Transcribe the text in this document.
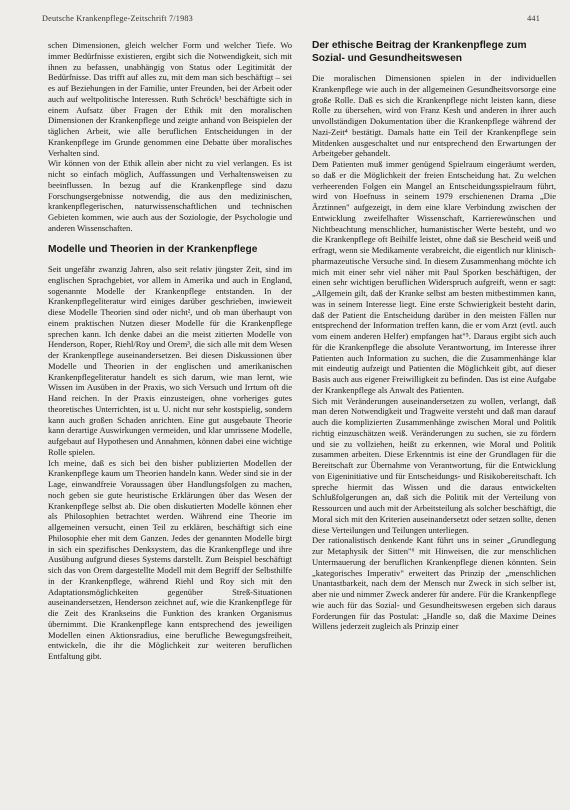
Deutsche Krankenpflege-Zeitschrift 7/1983	441

schen Dimensionen, gleich welcher Form und welcher Tiefe. Wo immer Bedürfnisse existieren, ergibt sich die Notwendigkeit, sich mit ihnen zu befassen, unabhängig von Status oder Legitimität der Bedürfnisse. Das trifft auf alles zu, mit dem man sich beschäftigt – sei es auf Beziehungen in der Familie, unter Freunden, bei der Arbeit oder auch auf weltpolitische Interessen. Ruth Schröck¹ beschäftigte sich in einem Aufsatz über Fragen der Ethik mit den moralischen Dimensionen der Krankenpflege und zeigte anhand von Beispielen der täglichen Arbeit, wie alle beruflichen Entscheidungen in der Krankenpflege im Grunde genommen eine Debatte über moralisches Verhalten sind.

Wir können von der Ethik allein aber nicht zu viel verlangen. Es ist nicht so einfach möglich, Auffassungen und Verhaltensweisen zu beeinflussen. In bezug auf die Krankenpflege sind dazu Forschungsergebnisse notwendig, die aus den medizinischen, krankenpflegerischen, naturwissenschaftlichen und technischen Gebieten kommen, wie auch aus der Soziologie, der Psychologie und anderen Wissenschaften.

Modelle und Theorien in der Krankenpflege

Seit ungefähr zwanzig Jahren, also seit relativ jüngster Zeit, sind im englischen Sprachgebiet, vor allem in Amerika und auch in England, sogenannte Modelle der Krankenpflege entstanden. In der Krankenpflegeliteratur wird einiges darüber geschrieben, inwieweit diese Modelle Theorien sind oder nicht², und ob man überhaupt von einem praktischen Nutzen dieser Modelle für die Krankenpflege sprechen kann. Ich denke dabei an die meist zitierten Modelle von Henderson, Roper, Riehl/Roy und Orem³, die sich alle mit dem Wesen der Krankenpflege auseinandersetzen. Bei diesen Diskussionen über Modelle und Theorien in der englischen und amerikanischen Krankenpflegeliteratur handelt es sich darum, wie man lernt, wie Wissen im Ausüben in der Praxis, wo sich Versuch und Irrtum oft die Hand reichen. In der Praxis einzusteigen, ohne vorheriges gutes theoretisches Unterrichten, ist u. U. nicht nur sehr kostspielig, sondern kann auch großen Schaden anrichten. Eine gut ausgebaute Theorie kann derartige Auswirkungen vermeiden, und klar umrissene Modelle, aufgebaut auf Hypothesen und Annahmen, können dabei eine wichtige Rolle spielen.

Ich meine, daß es sich bei den bisher publizierten Modellen der Krankenpflege kaum um Theorien handeln kann. Weder sind sie in der Lage, einwandfreie Voraussagen über Handlungsfolgen zu machen, noch geben sie gute heuristische Erklärungen über das Wesen der Krankenpflege selbst ab. Die oben diskutierten Modelle können eher als Philosophien betrachtet werden. Während eine Theorie im allgemeinen versucht, einen Teil zu erklären, beschäftigt sich eine Philosophie eher mit dem Ganzen. Jedes der genannten Modelle birgt in sich ein spezifisches Denksystem, das die Krankenpflege und ihre Ausübung aufgrund dieses Systems darstellt. Zum Beispiel beschäftigt sich das von Orem dargestellte Modell mit dem Begriff der Selbsthilfe in der Krankenpflege, während Riehl und Roy sich mit den Adaptationsmöglichkeiten gegenüber Streß-Situationen auseinandersetzen, Henderson zeichnet auf, wie die Krankenpflege für die Zeit des Krankseins die Funktion des kranken Organismus übernimmt. Die Krankenpflege kann entsprechend des jeweiligen Modellen einen Aktionsradius, eine berufliche Bewegungsfreiheit, entwickeln, die ihr die Möglichkeit zur weiteren beruflichen Entfaltung gibt.

Der ethische Beitrag der Krankenpflege zum Sozial- und Gesundheitswesen

Die moralischen Dimensionen spielen in der individuellen Krankenpflege wie auch in der allgemeinen Gesundheitsvorsorge eine große Rolle. Daß es sich die Krankenpflege nicht leisten kann, diese Rolle zu übersehen, wird von Franz Kesh und anderen in ihrer auch unvollständigen Dokumentation über die Krankenpflege während der Nazi-Zeit⁴ bestätigt. Damals hatte ein Teil der Krankenpflege sein Mitdenken ausgeschaltet und nur entsprechend den Erwartungen der Arbeitgeber gehandelt.

Dem Patienten muß immer genügend Spielraum eingeräumt werden, so daß er die Möglichkeit der freien Entscheidung hat. Zu welchen verheerenden Folgen ein Mangel an Entscheidungsspielraum führt, wird von Hoefnuss in seinem 1979 erschienenen Drama „Die Ärztinnen" aufgezeigt, in dem eine klare Verbindung zwischen der Entwicklung zweifelhafter Wissenschaft, Karrierewünschen und Nichtbeachtung menschlicher, humanistischer Werte besteht, und wo die Krankenpflege oft Beihilfe leistet, ohne daß sie Bescheid weiß und erfragt, wenn sie Medikamente verabreicht, die eigentlich nur klinisch-pharmazeutische Versuche sind. In diesem Zusammenhang möchte ich mich mit einer sehr viel näher mit Paul Sporken beschäftigen, der einen sehr wichtigen beruflichen Widerspruch aufgreift, wenn er sagt: „Allgemein gilt, daß der Kranke selbst am besten mitbestimmen kann, was in seinem Interesse liegt. Eine erste Schwierigkeit besteht darin, daß der Patient die Entscheidung darüber in den meisten Fällen nur entsprechend der Information treffen kann, die er vom Arzt (evtl. auch vom einem anderen Helfer) empfangen hat"⁵. Daraus ergibt sich auch für die Krankenpflege die absolute Verantwortung, im Interesse ihrer Patienten auch Information zu suchen, die die Zusammenhänge klar mit eindeutig aufzeigt und Patienten die Möglichkeit gibt, auf dieser Basis auch aus eigener Freiwilligkeit zu befinden. Das ist eine Aufgabe der Krankenpflege als Anwalt des Patienten.

Sich mit Veränderungen auseinandersetzen zu wollen, verlangt, daß man deren Notwendigkeit und Tragweite versteht und daß man darauf auch die komplizierten Zusammenhänge zwischen Moral und Politik richtig einzuschätzen weiß. Veränderungen zu suchen, sie zu fördern und sie zu vollziehen, heißt zu erkennen, wie Moral und Politik zusammen arbeiten. Diese Erkenntnis ist eine der Grundlagen für die Bereitschaft zur Übernahme von Verantwortung, für die Entwicklung von Eigeninitiative und für Entscheidungs- und Risikobereitschaft. Ich spreche hiermit das Wissen und die daraus entwickelten Schlußfolgerungen an, daß sich die Politik mit der Verteilung von Ressourcen und auch mit der Arbeitsteilung als solcher beschäftigt, die Moral sich mit den Kriterien auseinandersetzt oder setzen sollte, denen diese Verteilungen und Teilungen unterliegen.

Der rationalistisch denkende Kant führt uns in seiner „Grundlegung zur Metaphysik der Sitten"⁶ mit Hinweisen, die zur menschlichen Untermauerung der beruflichen Krankenpflege dienen könnten. Sein „kategorisches Imperativ" erweitert das Prinzip der „menschlichen Unantastbarkeit, nach dem der Mensch nur Zweck in sich selber ist, aber nie und nimmer Zweck anderer für andere. Für die Krankenpflege wie auch für das Sozial- und Gesundheitswesen ergeben sich daraus Forderungen für das Postulat: „Handle so, daß die Maxime Deines Willens jederzeit zugleich als Prinzip einer
